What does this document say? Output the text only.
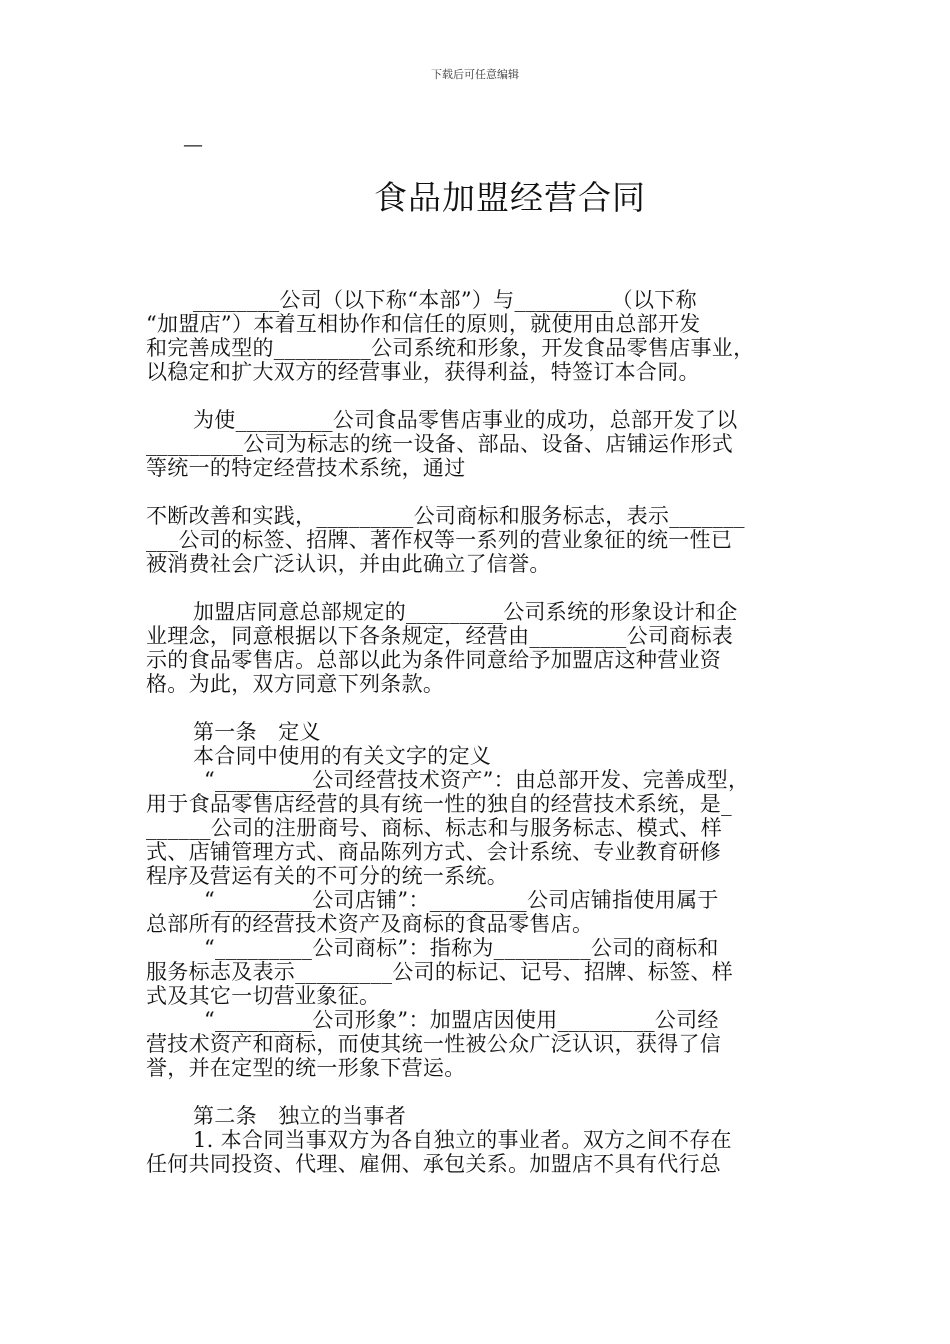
下载后可任意编辑
—
食品加盟经营合同
________公司（以下称“本部”）与_________（以下称
“加盟店”）本着互相协作和信任的原则，就使用由总部开发
和完善成型的_________公司系统和形象，开发食品零售店事业，
以稳定和扩大双方的经营事业，获得利益，特签订本合同。
为使_________公司食品零售店事业的成功，总部开发了以
_________公司为标志的统一设备、部品、设备、店铺运作形式
等统一的特定经营技术系统，通过
不断改善和实践，_________公司商标和服务标志，表示_______
___公司的标签、招牌、著作权等一系列的营业象征的统一性已
被消费社会广泛认识，并由此确立了信誉。
加盟店同意总部规定的_________公司系统的形象设计和企
业理念，同意根据以下各条规定，经营由_________公司商标表
示的食品零售店。总部以此为条件同意给予加盟店这种营业资
格。为此，双方同意下列条款。
第一条　定义
本合同中使用的有关文字的定义
“_________公司经营技术资产”：由总部开发、完善成型，
用于食品零售店经营的具有统一性的独自的经营技术系统，是_
______公司的注册商号、商标、标志和与服务标志、模式、样
式、店铺管理方式、商品陈列方式、会计系统、专业教育研修
程序及营运有关的不可分的统一系统。
“_________公司店铺”：_________公司店铺指使用属于
总部所有的经营技术资产及商标的食品零售店。
“_________公司商标”：指称为_________公司的商标和
服务标志及表示_________公司的标记、记号、招牌、标签、样
式及其它一切营业象征。
“_________公司形象”：加盟店因使用_________公司经
营技术资产和商标，而使其统一性被公众广泛认识，获得了信
誉，并在定型的统一形象下营运。
第二条　独立的当事者
1. 本合同当事双方为各自独立的事业者。双方之间不存在
任何共同投资、代理、雇佣、承包关系。加盟店不具有代行总
